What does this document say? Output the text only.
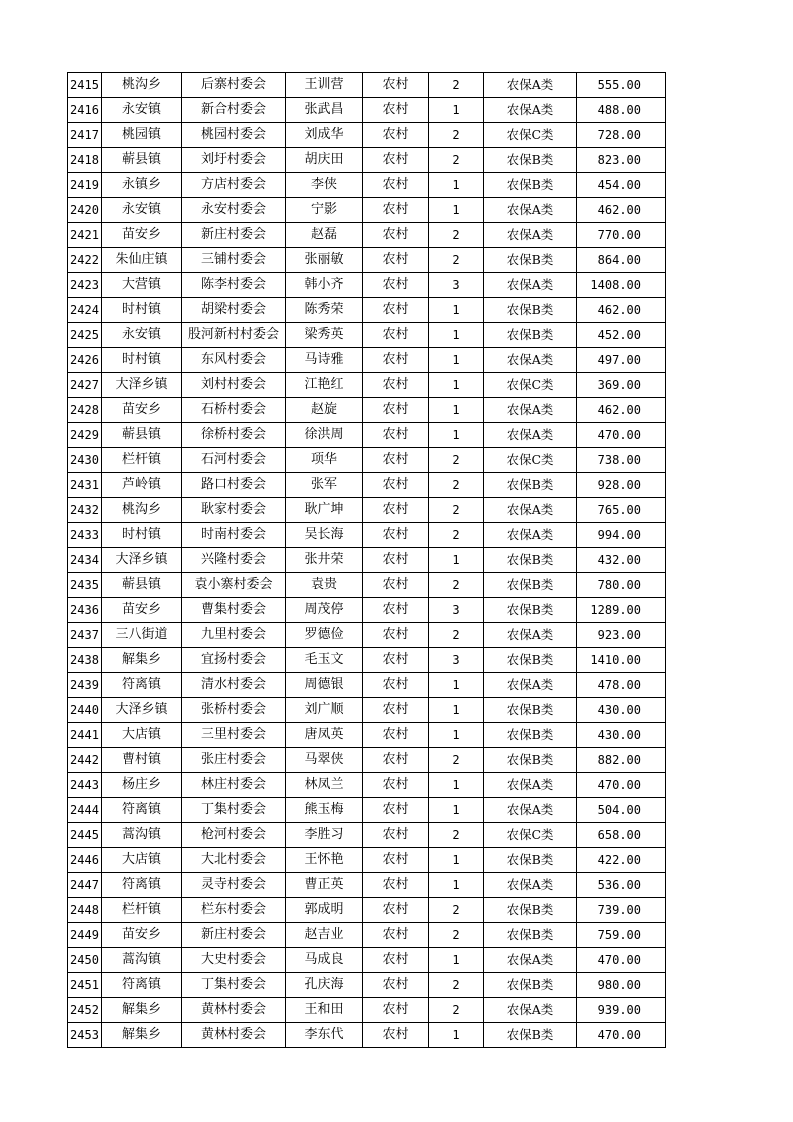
2415	桃沟乡	后寨村委会	王训营	农村	2	农保A类	555.00
2416	永安镇	新合村委会	张武昌	农村	1	农保A类	488.00
2417	桃园镇	桃园村委会	刘成华	农村	2	农保C类	728.00
2418	蕲县镇	刘圩村委会	胡庆田	农村	2	农保B类	823.00
2419	永镇乡	方店村委会	李侠	农村	1	农保B类	454.00
2420	永安镇	永安村委会	宁影	农村	1	农保A类	462.00
2421	苗安乡	新庄村委会	赵磊	农村	2	农保A类	770.00
2422	朱仙庄镇	三铺村委会	张丽敏	农村	2	农保B类	864.00
2423	大营镇	陈李村委会	韩小齐	农村	3	农保A类	1408.00
2424	时村镇	胡梁村委会	陈秀荣	农村	1	农保B类	462.00
2425	永安镇	股河新村村委会	梁秀英	农村	1	农保B类	452.00
2426	时村镇	东风村委会	马诗雅	农村	1	农保A类	497.00
2427	大泽乡镇	刘村村委会	江艳红	农村	1	农保C类	369.00
2428	苗安乡	石桥村委会	赵旋	农村	1	农保A类	462.00
2429	蕲县镇	徐桥村委会	徐洪周	农村	1	农保A类	470.00
2430	栏杆镇	石河村委会	项华	农村	2	农保C类	738.00
2431	芦岭镇	路口村委会	张军	农村	2	农保B类	928.00
2432	桃沟乡	耿家村委会	耿广坤	农村	2	农保A类	765.00
2433	时村镇	时南村委会	吴长海	农村	2	农保A类	994.00
2434	大泽乡镇	兴隆村委会	张井荣	农村	1	农保B类	432.00
2435	蕲县镇	袁小寨村委会	袁贵	农村	2	农保B类	780.00
2436	苗安乡	曹集村委会	周茂停	农村	3	农保B类	1289.00
2437	三八街道	九里村委会	罗德俭	农村	2	农保A类	923.00
2438	解集乡	宜扬村委会	毛玉文	农村	3	农保B类	1410.00
2439	符离镇	清水村委会	周德银	农村	1	农保A类	478.00
2440	大泽乡镇	张桥村委会	刘广顺	农村	1	农保B类	430.00
2441	大店镇	三里村委会	唐凤英	农村	1	农保B类	430.00
2442	曹村镇	张庄村委会	马翠侠	农村	2	农保B类	882.00
2443	杨庄乡	林庄村委会	林凤兰	农村	1	农保A类	470.00
2444	符离镇	丁集村委会	熊玉梅	农村	1	农保A类	504.00
2445	蒿沟镇	枪河村委会	李胜习	农村	2	农保C类	658.00
2446	大店镇	大北村委会	王怀艳	农村	1	农保B类	422.00
2447	符离镇	灵寺村委会	曹正英	农村	1	农保A类	536.00
2448	栏杆镇	栏东村委会	郭成明	农村	2	农保B类	739.00
2449	苗安乡	新庄村委会	赵吉业	农村	2	农保B类	759.00
2450	蒿沟镇	大史村委会	马成良	农村	1	农保A类	470.00
2451	符离镇	丁集村委会	孔庆海	农村	2	农保B类	980.00
2452	解集乡	黄林村委会	王和田	农村	2	农保A类	939.00
2453	解集乡	黄林村委会	李东代	农村	1	农保B类	470.00
